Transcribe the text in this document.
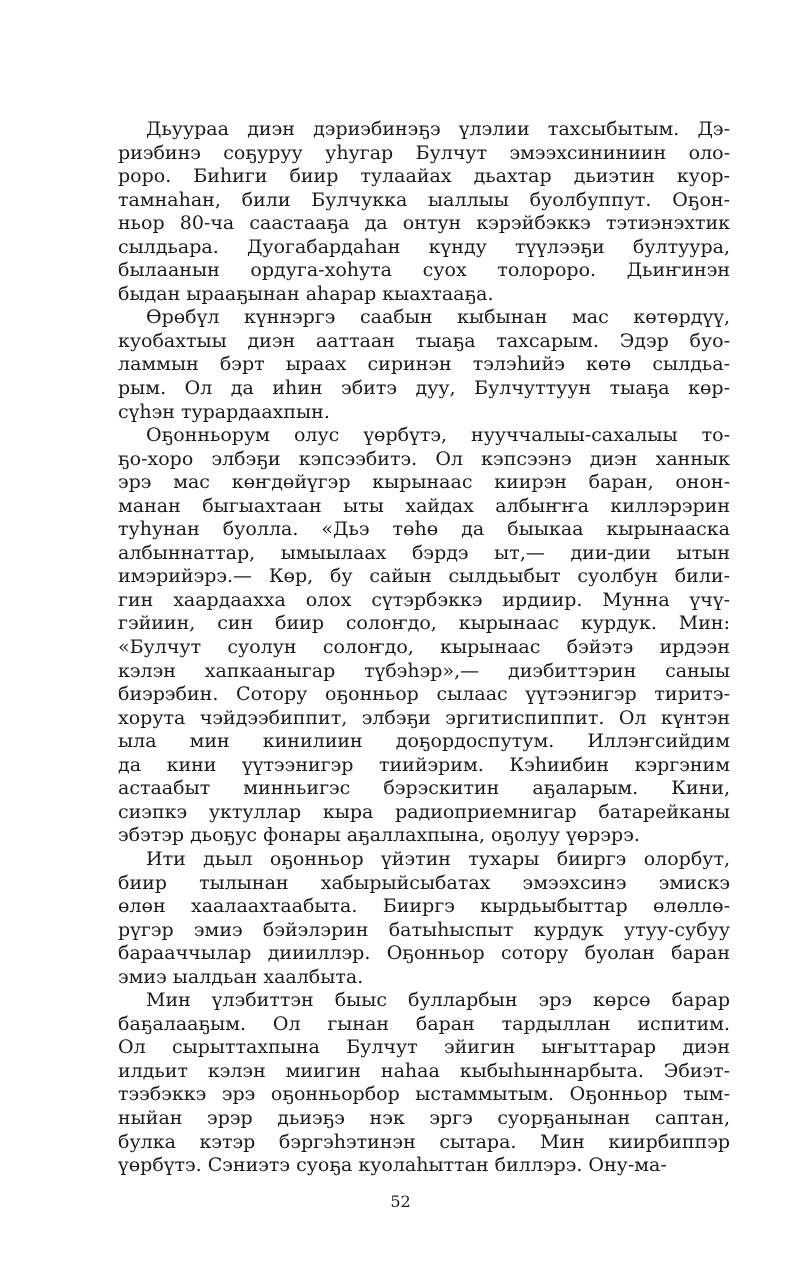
Дьуураа диэн дэриэбинэҕэ үлэлии тахсыбытым. Дэ-
риэбинэ соҕуруу уһугар Булчут эмээхсининиин оло-
роро. Биһиги биир тулаайах дьахтар дьиэтин куор-
тамнаһан, били Булчукка ыаллыы буолбуппут. Оҕон-
ньор 80-ча саастааҕа да онтун кэрэйбэккэ тэтиэнэхтик
сылдьара. Дуогабардаһан күнду түүлээҕи бултуура,
былаанын ордуга-хоһута суох толороро. Дьиҥинэн
быдан ырааҕынан аһарар кыахтааҕа.
Өрөбүл күннэргэ саабын кыбынан мас көтөрдүү,
куобахтыы диэн ааттаан тыаҕа тахсарым. Эдэр буо-
ламмын бэрт ыраах сиринэн тэлэһийэ көтө сылдьа-
рым. Ол да иһин эбитэ дуу, Булчуттуун тыаҕа көр-
сүһэн турардаахпын.
Оҕонньорум олус үөрбүтэ, нууччалыы-сахалыы то-
ҕо-хоро элбэҕи кэпсээбитэ. Ол кэпсээнэ диэн ханнык
эрэ мас көҥдөйүгэр кырынаас киирэн баран, онон-
манан быгыахтаан ыты хайдах албыҥҥа киллэрэрин
туһунан буолла. «Дьэ төһө да быыкаа кырынааска
албыннаттар, ымыылаах бэрдэ ыт,— дии-дии ытын
имэрийэрэ.— Көр, бу сайын сылдьыбыт суолбун били-
гин хаардаахха олох сүтэрбэккэ ирдиир. Мунна үчү-
гэйиин, син биир солоҥдо, кырынаас курдук. Мин:
«Булчут суолун солоҥдо, кырынаас бэйэтэ ирдээн
кэлэн хапкааныгар түбэһэр»,— диэбиттэрин саныы
биэрэбин. Сотору оҕонньор сылаас үүтээнигэр тиритэ-
хорута чэйдээбиппит, элбэҕи эргитиспиппит. Ол күнтэн
ыла мин кинилиин доҕордоспутум. Иллэҥсийдим
да кини үүтээнигэр тиийэрим. Кэһиибин кэргэним
астаабыт минньигэс бэрэскитин аҕаларым. Кини,
сиэпкэ уктуллар кыра радиоприемнигар батарейканы
эбэтэр дьоҕус фонары аҕаллахпына, оҕолуу үөрэрэ.
Ити дьыл оҕонньор үйэтин тухары бииргэ олорбут,
биир тылынан хабырыйсыбатах эмээхсинэ эмискэ
өлөн хаалаахтаабыта. Бииргэ кырдьыбыттар өлөллө-
рүгэр эмиэ бэйэлэрин батыһыспыт курдук утуу-субуу
барааччылар диииллэр. Оҕонньор сотору буолан баран
эмиэ ыалдьан хаалбыта.
Мин үлэбиттэн быыс булларбын эрэ көрсө барар
баҕалааҕым. Ол гынан баран тардыллан испитим.
Ол сырыттахпына Булчут эйигин ыҥыттарар диэн
илдьит кэлэн миигин наһаа кыбыһыннарбыта. Эбиэт-
тээбэккэ эрэ оҕонньорбор ыстаммытым. Оҕонньор тым-
ныйан эрэр дьиэҕэ нэк эргэ суорҕанынан саптан,
булка кэтэр бэргэһэтинэн сытара. Мин киирбиппэр
үөрбүтэ. Сэниэтэ суоҕа куолаһыттан биллэрэ. Ону-ма-
52
